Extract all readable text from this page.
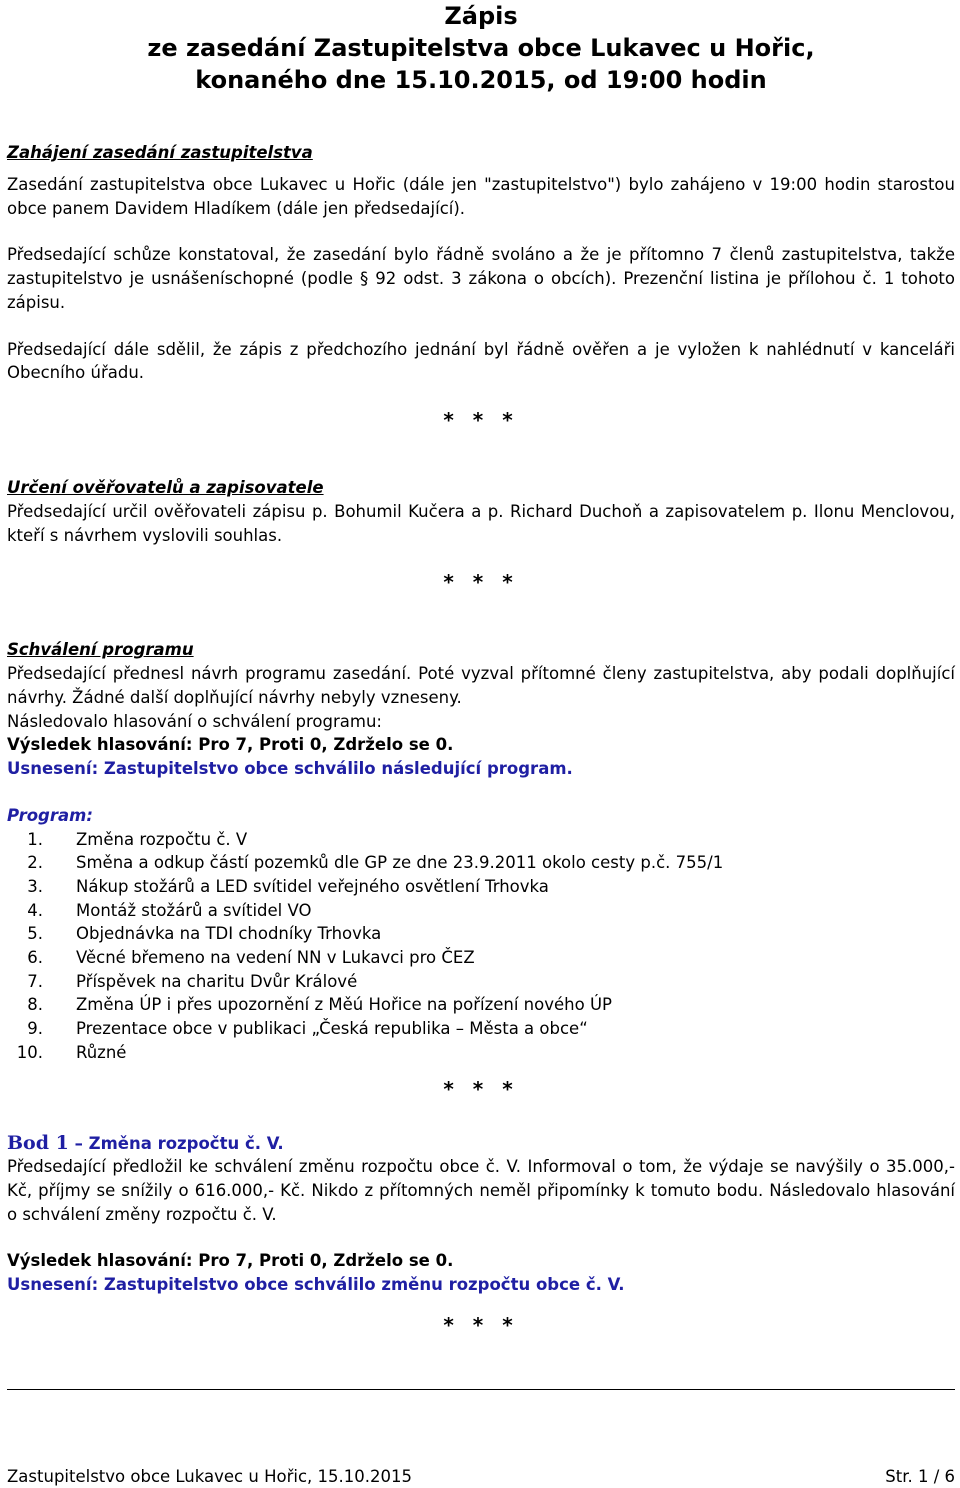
Zápis
ze zasedání Zastupitelstva obce Lukavec u Hořic,
konaného dne 15.10.2015, od 19:00 hodin
Zahájení zasedání zastupitelstva

Zasedání zastupitelstva obce Lukavec u Hořic (dále jen "zastupitelstvo") bylo zahájeno v 19:00 hodin starostou obce panem Davidem Hladíkem (dále jen předsedající).

Předsedající schůze konstatoval, že zasedání bylo řádně svoláno a že je přítomno 7 členů zastupitelstva, takže zastupitelstvo je usnášeníschopné (podle § 92 odst. 3 zákona o obcích). Prezenční listina je přílohou č. 1 tohoto zápisu.

Předsedající dále sdělil, že zápis z předchozího jednání byl řádně ověřen a je vyložen k nahlédnutí v kanceláři Obecního úřadu.

* * *
Určení ověřovatelů a zapisovatele

Předsedající určil ověřovateli zápisu p. Bohumil Kučera a p. Richard Duchoň a zapisovatelem p. Ilonu Menclovou, kteří s návrhem vyslovili souhlas.

* * *
Schválení programu

Předsedající přednesl návrh programu zasedání. Poté vyzval přítomné členy zastupitelstva, aby podali doplňující návrhy. Žádné další doplňující návrhy nebyly vzneseny.

Následovalo hlasování o schválení programu:

Výsledek hlasování: Pro 7, Proti 0, Zdrželo se 0.

Usnesení: Zastupitelstvo obce schválilo následující program.

Program:
1. Změna rozpočtu č. V
2. Směna a odkup částí pozemků dle GP ze dne 23.9.2011 okolo cesty p.č. 755/1
3. Nákup stožárů a LED svítidel veřejného osvětlení Trhovka
4. Montáž stožárů a svítidel VO
5. Objednávka na TDI chodníky Trhovka
6. Věcné břemeno na vedení NN v Lukavci pro ČEZ
7. Příspěvek na charitu Dvůr Králové
8. Změna ÚP i přes upozornění z Měú Hořice na pořízení nového ÚP
9. Prezentace obce v publikaci „Česká republika – Města a obce“
10. Různé
* * *
Bod 1 – Změna rozpočtu č. V.

Předsedající předložil ke schválení změnu rozpočtu obce č. V. Informoval o tom, že výdaje se navýšily o 35.000,- Kč, příjmy se snížily o 616.000,- Kč. Nikdo z přítomných neměl připomínky k tomuto bodu. Následovalo hlasování o schválení změny rozpočtu č. V.

Výsledek hlasování: Pro 7, Proti 0, Zdrželo se 0.

Usnesení: Zastupitelstvo obce schválilo změnu rozpočtu obce č. V.

* * *
Zastupitelstvo obce Lukavec u Hořic, 15.10.2015	Str. 1 / 6
